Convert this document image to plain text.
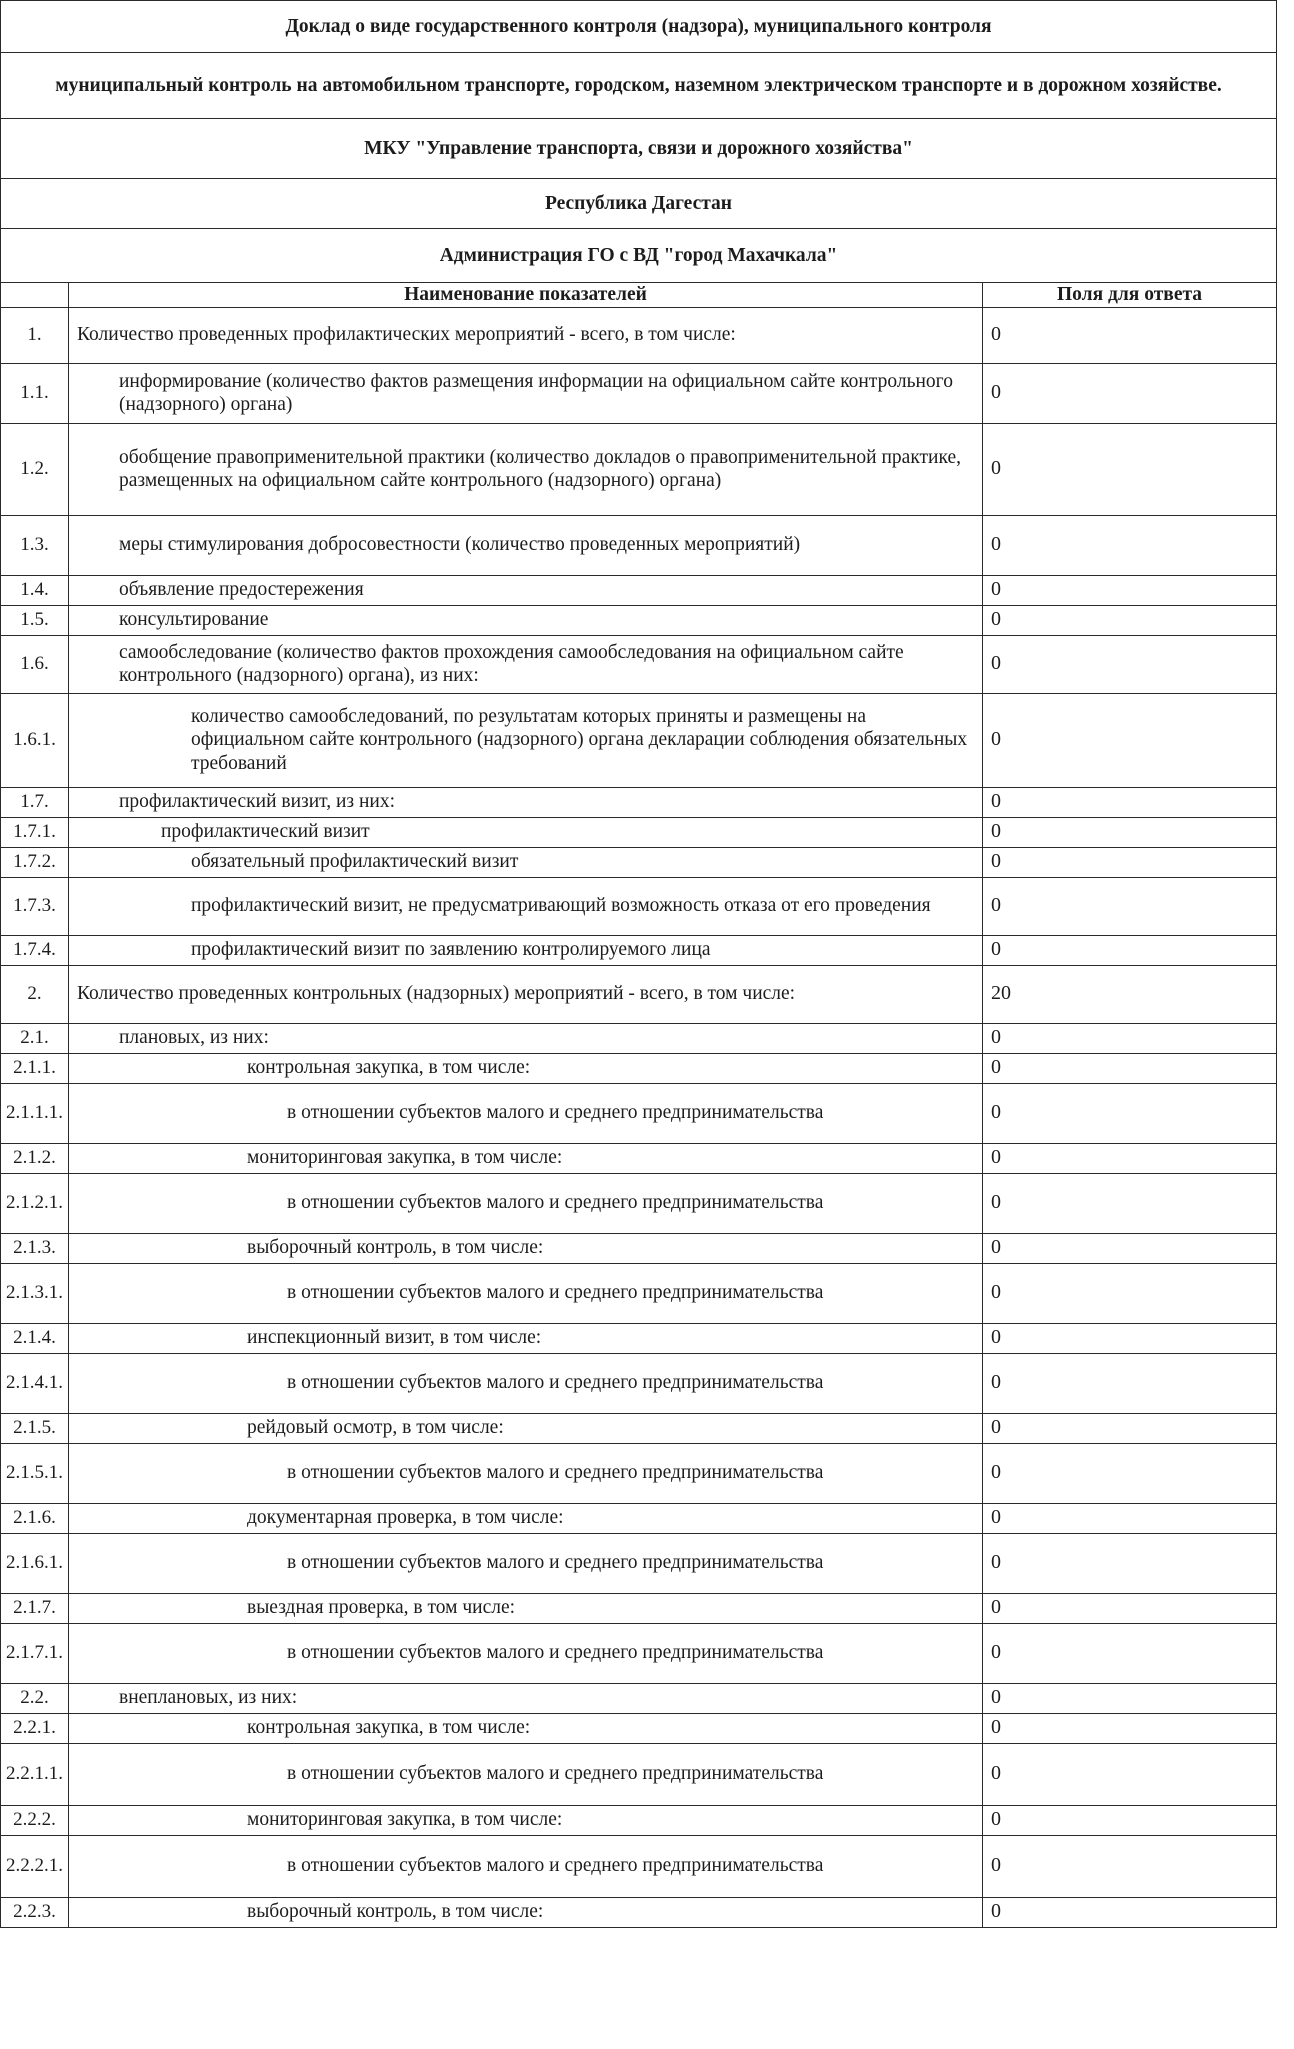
Доклад о виде государственного контроля (надзора), муниципального контроля		
муниципальный контроль на автомобильном транспорте, городском, наземном электрическом транспорте и в дорожном хозяйстве.		
МКУ "Управление транспорта, связи и дорожного хозяйства"		
Республика Дагестан		
Администрация ГО с ВД "город Махачкала"		
	Наименование показателей	Поля для ответа
1.	Количество проведенных профилактических мероприятий - всего, в том числе:	0
1.1.	информирование (количество фактов размещения информации на официальном сайте контрольного (надзорного) органа)	0
1.2.	обобщение правоприменительной практики (количество докладов о правоприменительной практике, размещенных на официальном сайте контрольного (надзорного) органа)	0
1.3.	меры стимулирования добросовестности (количество проведенных мероприятий)	0
1.4.	объявление предостережения	0
1.5.	консультирование	0
1.6.	самообследование (количество фактов прохождения самообследования на официальном сайте контрольного (надзорного) органа), из них:	0
1.6.1.	количество самообследований, по результатам которых приняты и размещены на официальном сайте контрольного (надзорного) органа декларации соблюдения обязательных требований	0
1.7.	профилактический визит, из них:	0
1.7.1.	профилактический визит	0
1.7.2.	обязательный профилактический визит	0
1.7.3.	профилактический визит, не предусматривающий возможность отказа от его проведения	0
1.7.4.	профилактический визит по заявлению контролируемого лица	0
2.	Количество проведенных контрольных (надзорных) мероприятий - всего, в том числе:	20
2.1.	плановых, из них:	0
2.1.1.	контрольная закупка, в том числе:	0
2.1.1.1.	в отношении субъектов малого и среднего предпринимательства	0
2.1.2.	мониторинговая закупка, в том числе:	0
2.1.2.1.	в отношении субъектов малого и среднего предпринимательства	0
2.1.3.	выборочный контроль, в том числе:	0
2.1.3.1.	в отношении субъектов малого и среднего предпринимательства	0
2.1.4.	инспекционный визит, в том числе:	0
2.1.4.1.	в отношении субъектов малого и среднего предпринимательства	0
2.1.5.	рейдовый осмотр, в том числе:	0
2.1.5.1.	в отношении субъектов малого и среднего предпринимательства	0
2.1.6.	документарная проверка, в том числе:	0
2.1.6.1.	в отношении субъектов малого и среднего предпринимательства	0
2.1.7.	выездная проверка, в том числе:	0
2.1.7.1.	в отношении субъектов малого и среднего предпринимательства	0
2.2.	внеплановых, из них:	0
2.2.1.	контрольная закупка, в том числе:	0
2.2.1.1.	в отношении субъектов малого и среднего предпринимательства	0
2.2.2.	мониторинговая закупка, в том числе:	0
2.2.2.1.	в отношении субъектов малого и среднего предпринимательства	0
2.2.3.	выборочный контроль, в том числе:	0
